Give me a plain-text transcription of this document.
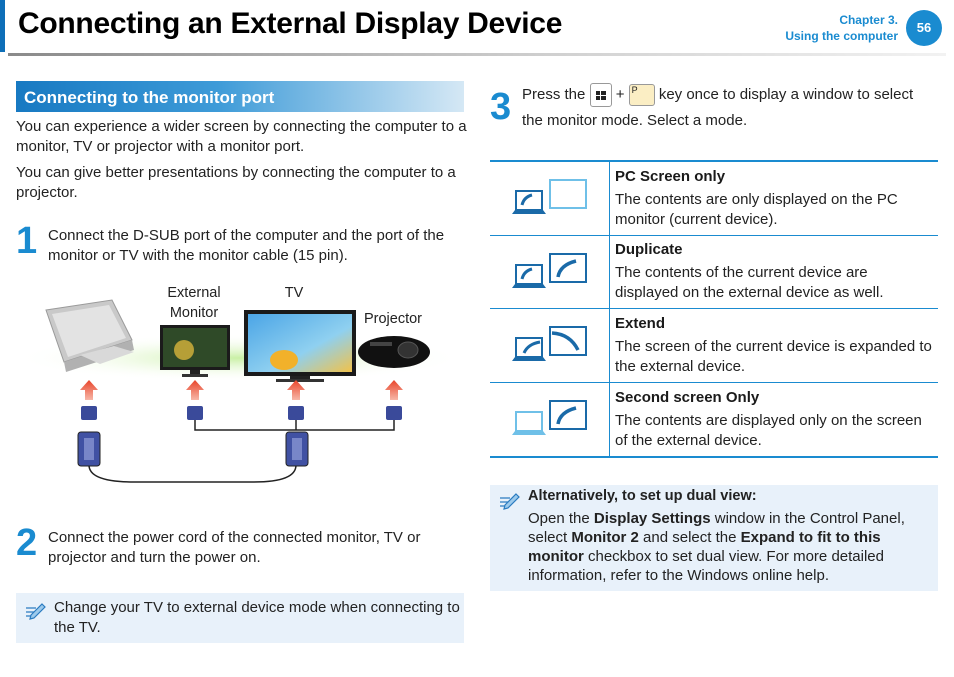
Connecting an External Display Device	Chapter 3.
Using the computer
56
Connecting to the monitor port
You can experience a wider screen by connecting the computer to a monitor, TV or projector with a monitor port.
You can give better presentations by connecting the computer to a projector.
1 Connect the D-SUB port of the computer and the port of the monitor or TV with the monitor cable (15 pin).
External Monitor
TV
Projector
2 Connect the power cord of the connected monitor, TV or projector and turn the power on.
Change your TV to external device mode when connecting to the TV.
3 Press the + P key once to display a window to select
the monitor mode. Select a mode.
PC Screen only
The contents are only displayed on the PC monitor (current device).
Duplicate
The contents of the current device are displayed on the external device as well.
Extend
The screen of the current device is expanded to the external device.
Second screen Only
The contents are displayed only on the screen of the external device.
Alternatively, to set up dual view:
Open the Display Settings window in the Control Panel, select Monitor 2 and select the Expand to fit to this monitor checkbox to set dual view. For more detailed information, refer to the Windows online help.
